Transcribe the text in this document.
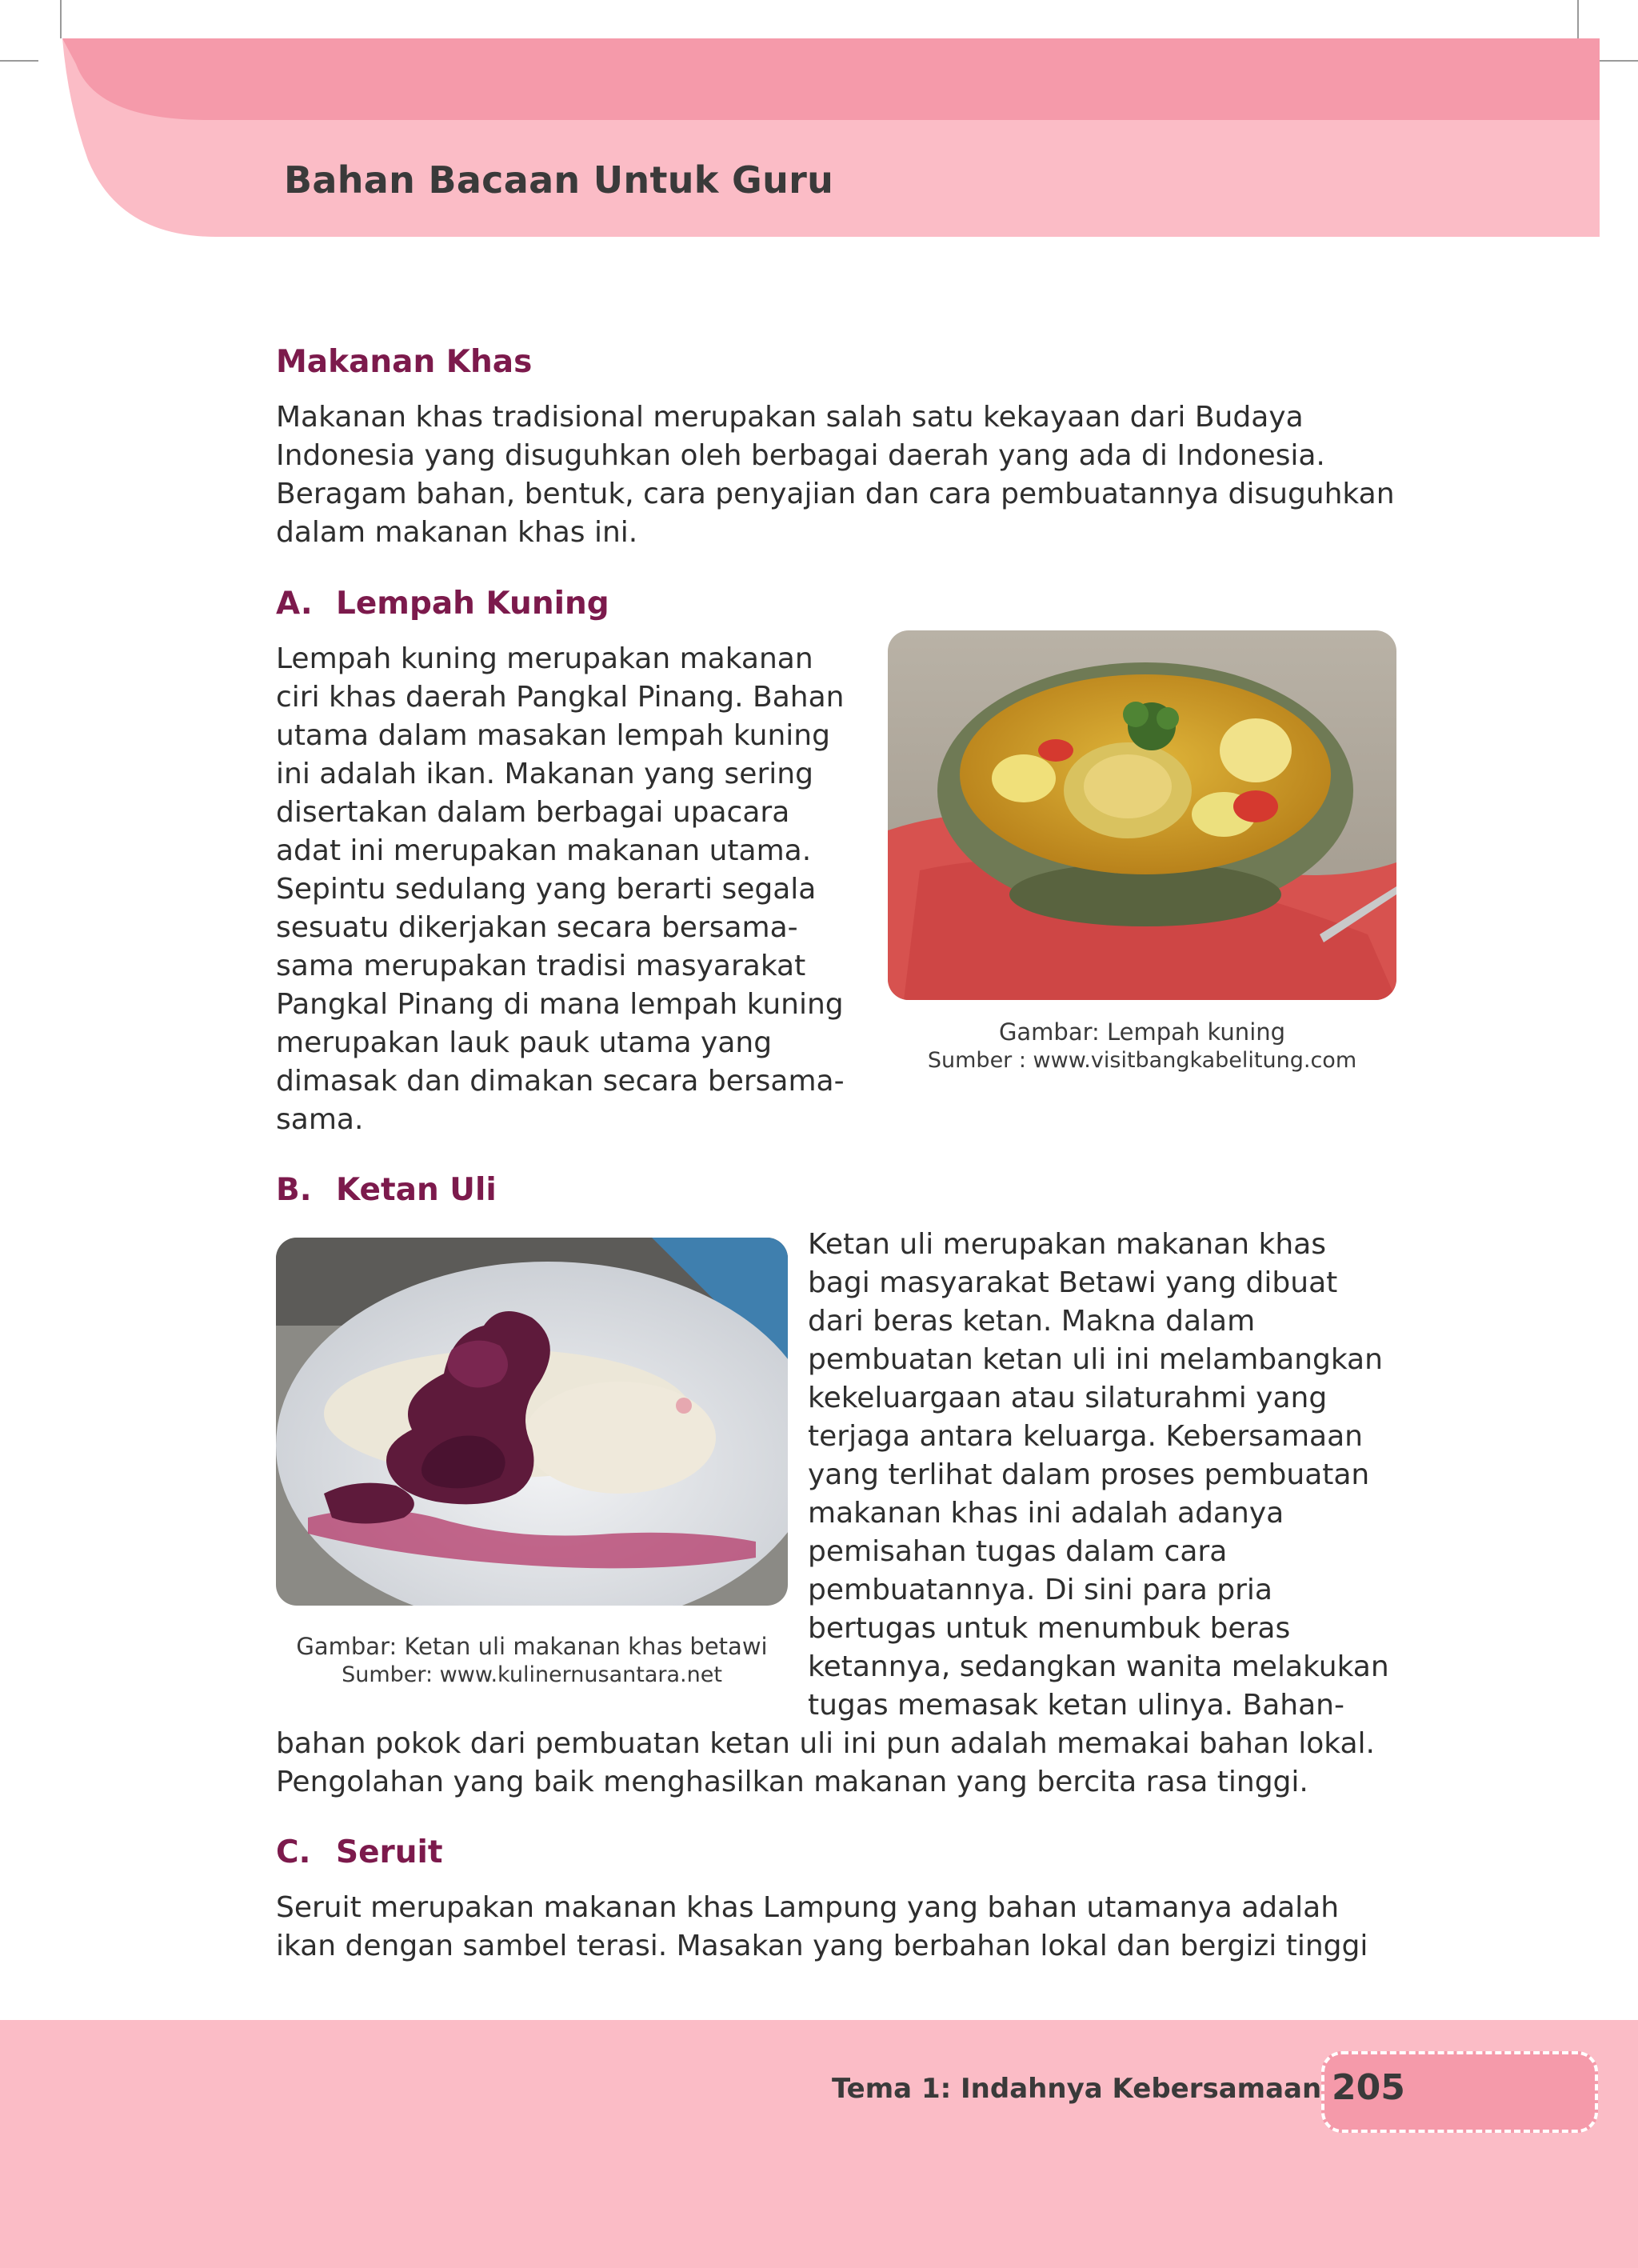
Bahan Bacaan Untuk Guru
Makanan Khas
Makanan khas tradisional merupakan salah satu kekayaan dari Budaya
Indonesia yang disuguhkan oleh berbagai daerah yang ada di Indonesia.
Beragam bahan, bentuk, cara penyajian dan cara pembuatannya disuguhkan
dalam makanan khas ini.
A. Lempah Kuning
Lempah kuning merupakan makanan
ciri khas daerah Pangkal Pinang. Bahan
utama dalam masakan lempah kuning
ini adalah ikan. Makanan yang sering
disertakan dalam berbagai upacara
adat ini merupakan makanan utama.
Sepintu sedulang yang berarti segala
sesuatu dikerjakan secara bersama-
sama merupakan tradisi masyarakat
Pangkal Pinang di mana lempah kuning
merupakan lauk pauk utama yang
dimasak dan dimakan secara bersama-
sama.
Gambar: Lempah kuning
Sumber : www.visitbangkabelitung.com
B. Ketan Uli
Gambar: Ketan uli makanan khas betawi
Sumber: www.kulinernusantara.net
Ketan uli merupakan makanan khas
bagi masyarakat Betawi yang dibuat
dari beras ketan. Makna dalam
pembuatan ketan uli ini melambangkan
kekeluargaan atau silaturahmi yang
terjaga antara keluarga. Kebersamaan
yang terlihat dalam proses pembuatan
makanan khas ini adalah adanya
pemisahan tugas dalam cara
pembuatannya. Di sini para pria
bertugas untuk menumbuk beras
ketannya, sedangkan wanita melakukan
tugas memasak ketan ulinya. Bahan-
bahan pokok dari pembuatan ketan uli ini pun adalah memakai bahan lokal.
Pengolahan yang baik menghasilkan makanan yang bercita rasa tinggi.
C. Seruit
Seruit merupakan makanan khas Lampung yang bahan utamanya adalah
ikan dengan sambel terasi. Masakan yang berbahan lokal dan bergizi tinggi
Tema 1: Indahnya Kebersamaan 205
